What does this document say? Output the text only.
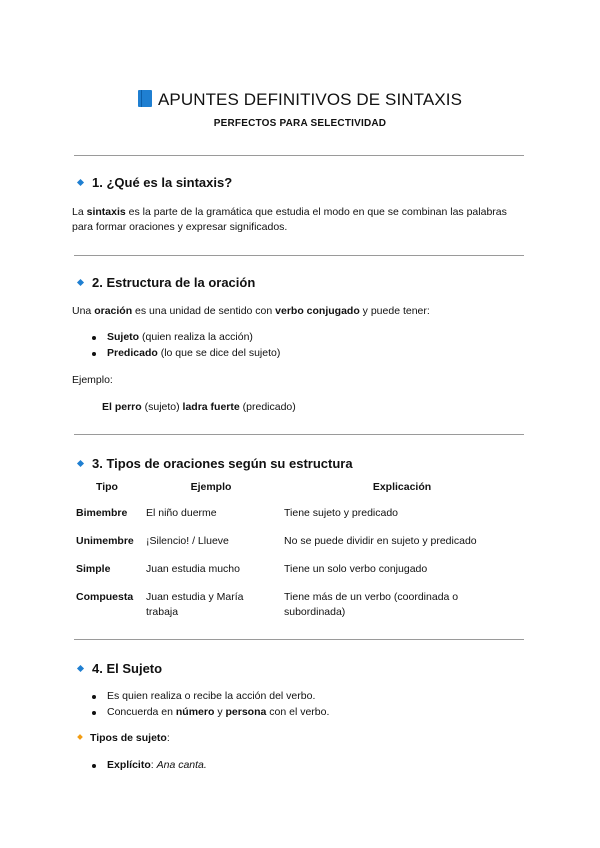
APUNTES DEFINITIVOS DE SINTAXIS
PERFECTOS PARA SELECTIVIDAD
1. ¿Qué es la sintaxis?
La sintaxis es la parte de la gramática que estudia el modo en que se combinan las palabras para formar oraciones y expresar significados.
2. Estructura de la oración
Una oración es una unidad de sentido con verbo conjugado y puede tener:
Sujeto (quien realiza la acción)
Predicado (lo que se dice del sujeto)
Ejemplo:
El perro (sujeto) ladra fuerte (predicado)
3. Tipos de oraciones según su estructura
Tipo	Ejemplo	Explicación
Bimembre	El niño duerme	Tiene sujeto y predicado
Unimembre	¡Silencio! / Llueve	No se puede dividir en sujeto y predicado
Simple	Juan estudia mucho	Tiene un solo verbo conjugado
Compuesta	Juan estudia y María trabaja	Tiene más de un verbo (coordinada o subordinada)
4. El Sujeto
Es quien realiza o recibe la acción del verbo.
Concuerda en número y persona con el verbo.
Tipos de sujeto:
Explícito: Ana canta.
